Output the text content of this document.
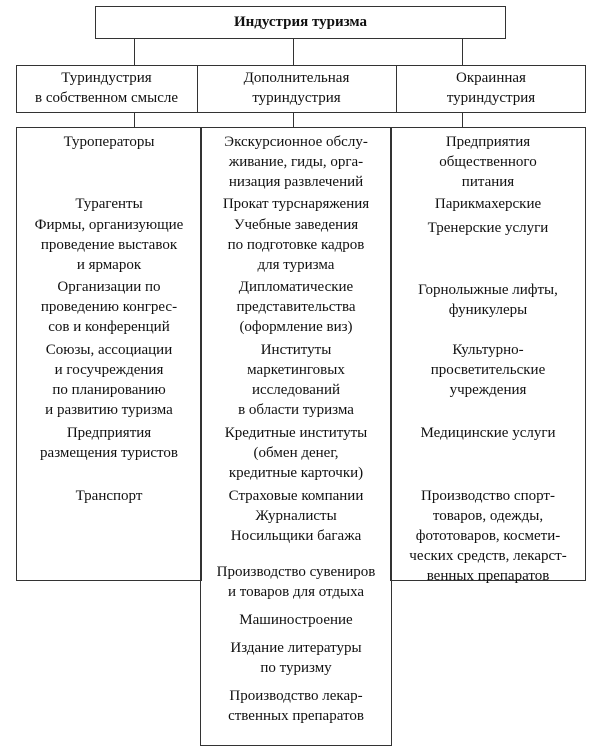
Индустрия туризма
Туриндустрия
в собственном смысле
Дополнительная
туриндустрия
Окраинная
туриндустрия
Туроператоры
Турагенты
Фирмы, организующие
проведение выставок
и ярмарок
Организации по
проведению конгрес-
сов и конференций
Союзы, ассоциации
и госучреждения
по планированию
и развитию туризма
Предприятия
размещения туристов
Транспорт
Экскурсионное обслу-
живание, гиды, орга-
низация развлечений
Прокат турснаряжения
Учебные заведения
по подготовке кадров
для туризма
Дипломатические
представительства
(оформление виз)
Институты
маркетинговых
исследований
в области туризма
Кредитные институты
(обмен денег,
кредитные карточки)
Страховые компании
Журналисты
Носильщики багажа
Производство сувениров
и товаров для отдыха
Машиностроение
Издание литературы
по туризму
Производство лекар-
ственных препаратов
Предприятия
общественного
питания
Парикмахерские
Тренерские услуги
Горнолыжные лифты,
фуникулеры
Культурно-
просветительские
учреждения
Медицинские услуги
Производство спорт-
товаров, одежды,
фототоваров, космети-
ческих средств, лекарст-
венных препаратов
